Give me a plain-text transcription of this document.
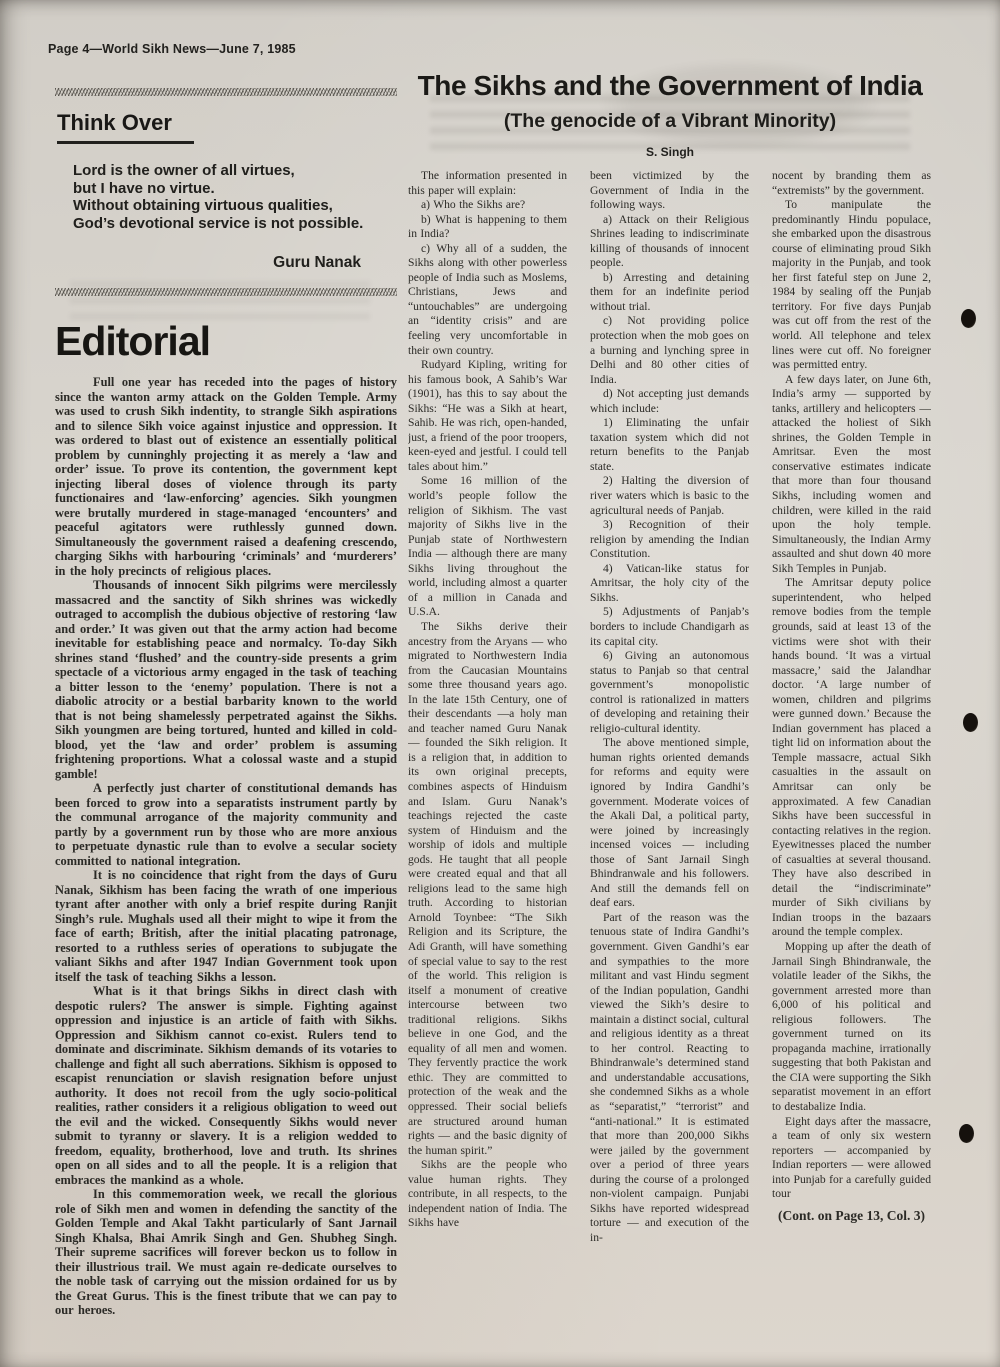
Page 4—World Sikh News—June 7, 1985
Think Over

Lord is the owner of all virtues,

but I have no virtue.

Without obtaining virtuous qualities,

God’s devotional service is not possible.

Guru Nanak
Editorial

Full one year has receded into the pages of history since the wanton army attack on the Golden Temple. Army was used to crush Sikh indentity, to strangle Sikh aspirations and to silence Sikh voice against injustice and oppression. It was ordered to blast out of existence an essentially political problem by cunninghly projecting it as merely a ‘law and order’ issue. To prove its contention, the government kept injecting liberal doses of violence through its party functionaires and ‘law-enforcing’ agencies. Sikh youngmen were brutally murdered in stage-managed ‘encounters’ and peaceful agitators were ruthlessly gunned down. Simultaneously the government raised a deafening crescendo, charging Sikhs with harbouring ‘criminals’ and ‘murderers’ in the holy precincts of religious places.

Thousands of innocent Sikh pilgrims were mercilessly massacred and the sanctity of Sikh shrines was wickedly outraged to accomplish the dubious objective of restoring ‘law and order.’ It was given out that the army action had become inevitable for establishing peace and normalcy. To-day Sikh shrines stand ‘flushed’ and the country-side presents a grim spectacle of a victorious army engaged in the task of teaching a bitter lesson to the ‘enemy’ population. There is not a diabolic atrocity or a bestial barbarity known to the world that is not being shamelessly perpetrated against the Sikhs. Sikh youngmen are being tortured, hunted and killed in cold-blood, yet the ‘law and order’ problem is assuming frightening proportions. What a colossal waste and a stupid gamble!

A perfectly just charter of constitutional demands has been forced to grow into a separatists instrument partly by the communal arrogance of the majority community and partly by a government run by those who are more anxious to perpetuate dynastic rule than to evolve a secular society committed to national integration.

It is no coincidence that right from the days of Guru Nanak, Sikhism has been facing the wrath of one imperious tyrant after another with only a brief respite during Ranjit Singh’s rule. Mughals used all their might to wipe it from the face of earth; British, after the initial placating patronage, resorted to a ruthless series of operations to subjugate the valiant Sikhs and after 1947 Indian Government took upon itself the task of teaching Sikhs a lesson.

What is it that brings Sikhs in direct clash with despotic rulers? The answer is simple. Fighting against oppression and injustice is an article of faith with Sikhs. Oppression and Sikhism cannot co-exist. Rulers tend to dominate and discriminate. Sikhism demands of its votaries to challenge and fight all such aberrations. Sikhism is opposed to escapist renunciation or slavish resignation before unjust authority. It does not recoil from the ugly socio-political realities, rather considers it a religious obligation to weed out the evil and the wicked. Consequently Sikhs would never submit to tyranny or slavery. It is a religion wedded to freedom, equality, brotherhood, love and truth. Its shrines open on all sides and to all the people. It is a religion that embraces the mankind as a whole.

In this commemoration week, we recall the glorious role of Sikh men and women in defending the sanctity of the Golden Temple and Akal Takht particularly of Sant Jarnail Singh Khalsa, Bhai Amrik Singh and Gen. Shubheg Singh. Their supreme sacrifices will forever beckon us to follow in their illustrious trail. We must again re-dedicate ourselves to the noble task of carrying out the mission ordained for us by the Great Gurus. This is the finest tribute that we can pay to our heroes.

The Sikhs and the Government of India
(The genocide of a Vibrant Minority)
S. Singh

The information presented in this paper will explain:

a) Who the Sikhs are?

b) What is happening to them in India?

c) Why all of a sudden, the Sikhs along with other powerless people of India such as Moslems, Christians, Jews and “untouchables” are undergoing an “identity crisis” and are feeling very uncomfortable in their own country.

Rudyard Kipling, writing for his famous book, A Sahib’s War (1901), has this to say about the Sikhs: “He was a Sikh at heart, Sahib. He was rich, open-handed, just, a friend of the poor troopers, keen-eyed and jestful. I could tell tales about him.”

Some 16 million of the world’s people follow the religion of Sikhism. The vast majority of Sikhs live in the Punjab state of Northwestern India — although there are many Sikhs living throughout the world, including almost a quarter of a million in Canada and U.S.A.

The Sikhs derive their ancestry from the Aryans — who migrated to Northwestern India from the Caucasian Mountains some three thousand years ago. In the late 15th Century, one of their descendants —a holy man and teacher named Guru Nanak — founded the Sikh religion. It is a religion that, in addition to its own original precepts, combines aspects of Hinduism and Islam. Guru Nanak’s teachings rejected the caste system of Hinduism and the worship of idols and multiple gods. He taught that all people were created equal and that all religions lead to the same high truth. According to historian Arnold Toynbee: “The Sikh Religion and its Scripture, the Adi Granth, will have something of special value to say to the rest of the world. This religion is itself a monument of creative intercourse between two traditional religions. Sikhs believe in one God, and the equality of all men and women. They fervently practice the work ethic. They are committed to protection of the weak and the oppressed. Their social beliefs are structured around human rights — and the basic dignity of the human spirit.”

Sikhs are the people who value human rights. They contribute, in all respects, to the independent nation of India. The Sikhs have

been victimized by the Government of India in the following ways.

a) Attack on their Religious Shrines leading to indiscriminate killing of thousands of innocent people.

b) Arresting and detaining them for an indefinite period without trial.

c) Not providing police protection when the mob goes on a burning and lynching spree in Delhi and 80 other cities of India.

d) Not accepting just demands which include:

1) Eliminating the unfair taxation system which did not return benefits to the Panjab state.

2) Halting the diversion of river waters which is basic to the agricultural needs of Panjab.

3) Recognition of their religion by amending the Indian Constitution.

4) Vatican-like status for Amritsar, the holy city of the Sikhs.

5) Adjustments of Panjab’s borders to include Chandigarh as its capital city.

6) Giving an autonomous status to Panjab so that central government’s monopolistic control is rationalized in matters of developing and retaining their religio-cultural identity.

The above mentioned simple, human rights oriented demands for reforms and equity were ignored by Indira Gandhi’s government. Moderate voices of the Akali Dal, a political party, were joined by increasingly incensed voices — including those of Sant Jarnail Singh Bhindranwale and his followers. And still the demands fell on deaf ears.

Part of the reason was the tenuous state of Indira Gandhi’s government. Given Gandhi’s ear and sympathies to the more militant and vast Hindu segment of the Indian population, Gandhi viewed the Sikh’s desire to maintain a distinct social, cultural and religious identity as a threat to her control. Reacting to Bhindranwale’s determined stand and understandable accusations, she condemned Sikhs as a whole as “separatist,” “terrorist” and “anti-national.” It is estimated that more than 200,000 Sikhs were jailed by the government over a period of three years during the course of a prolonged non-violent campaign. Punjabi Sikhs have reported widespread torture — and execution of the in-

nocent by branding them as “extremists” by the government.

To manipulate the predominantly Hindu populace, she embarked upon the disastrous course of eliminating proud Sikh majority in the Punjab, and took her first fateful step on June 2, 1984 by sealing off the Punjab territory. For five days Punjab was cut off from the rest of the world. All telephone and telex lines were cut off. No foreigner was permitted entry.

A few days later, on June 6th, India’s army — supported by tanks, artillery and helicopters — attacked the holiest of Sikh shrines, the Golden Temple in Amritsar. Even the most conservative estimates indicate that more than four thousand Sikhs, including women and children, were killed in the raid upon the holy temple. Simultaneously, the Indian Army assaulted and shut down 40 more Sikh Temples in Punjab.

The Amritsar deputy police superintendent, who helped remove bodies from the temple grounds, said at least 13 of the victims were shot with their hands bound. ‘It was a virtual massacre,’ said the Jalandhar doctor. ‘A large number of women, children and pilgrims were gunned down.’ Because the Indian government has placed a tight lid on information about the Temple massacre, actual Sikh casualties in the assault on Amritsar can only be approximated. A few Canadian Sikhs have been successful in contacting relatives in the region. Eyewitnesses placed the number of casualties at several thousand. They have also described in detail the “indiscriminate” murder of Sikh civilians by Indian troops in the bazaars around the temple complex.

Mopping up after the death of Jarnail Singh Bhindranwale, the volatile leader of the Sikhs, the government arrested more than 6,000 of his political and religious followers. The government turned on its propaganda machine, irrationally suggesting that both Pakistan and the CIA were supporting the Sikh separatist movement in an effort to destabalize India.

Eight days after the massacre, a team of only six western reporters — accompanied by Indian reporters — were allowed into Punjab for a carefully guided tour

(Cont. on Page 13, Col. 3)
